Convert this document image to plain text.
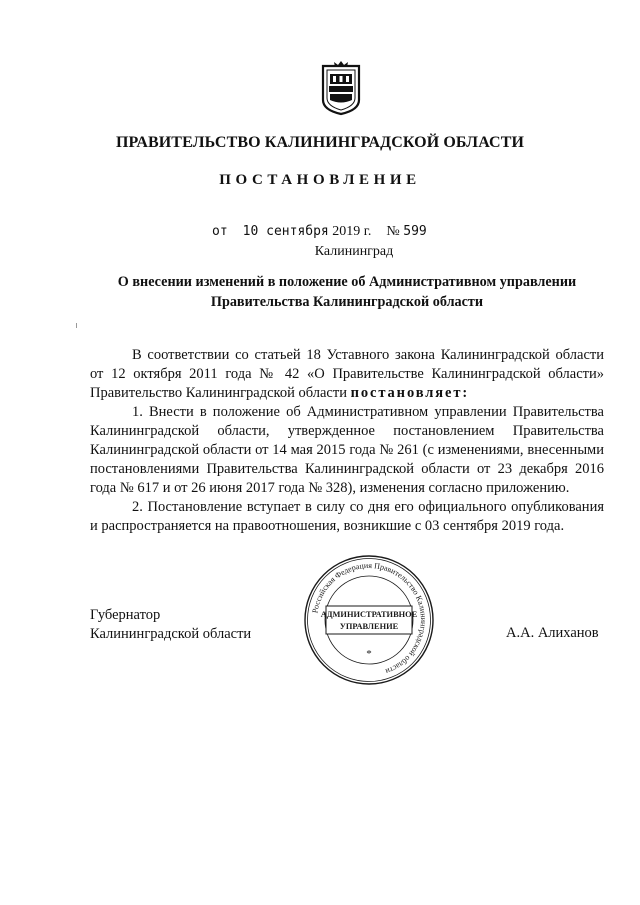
ПРАВИТЕЛЬСТВО КАЛИНИНГРАДСКОЙ ОБЛАСТИ
ПОСТАНОВЛЕНИЕ
от 10 сентября 2019 г. № 599
Калининград
О внесении изменений в положение об Административном управлении
Правительства Калининградской области

В соответствии со статьей 18 Уставного закона Калининградской области от 12 октября 2011 года № 42 «О Правительстве Калининградской области» Правительство Калининградской области постановляет:

1. Внести в положение об Административном управлении Правительства Калининградской области, утвержденное постановлением Правительства Калининградской области от 14 мая 2015 года № 261 (с изменениями, внесенными постановлениями Правительства Калининградской области от 23 декабря 2016 года № 617 и от 26 июня 2017 года № 328), изменения согласно приложению.

2. Постановление вступает в силу со дня его официального опубликования и распространяется на правоотношения, возникшие с 03 сентября 2019 года.

Губернатор
Калининградской области	А.А. Алиханов
Российская Федерация Правительство Калининградской области
АДМИНИСТРАТИВНОЕ
УПРАВЛЕНИЕ
*
